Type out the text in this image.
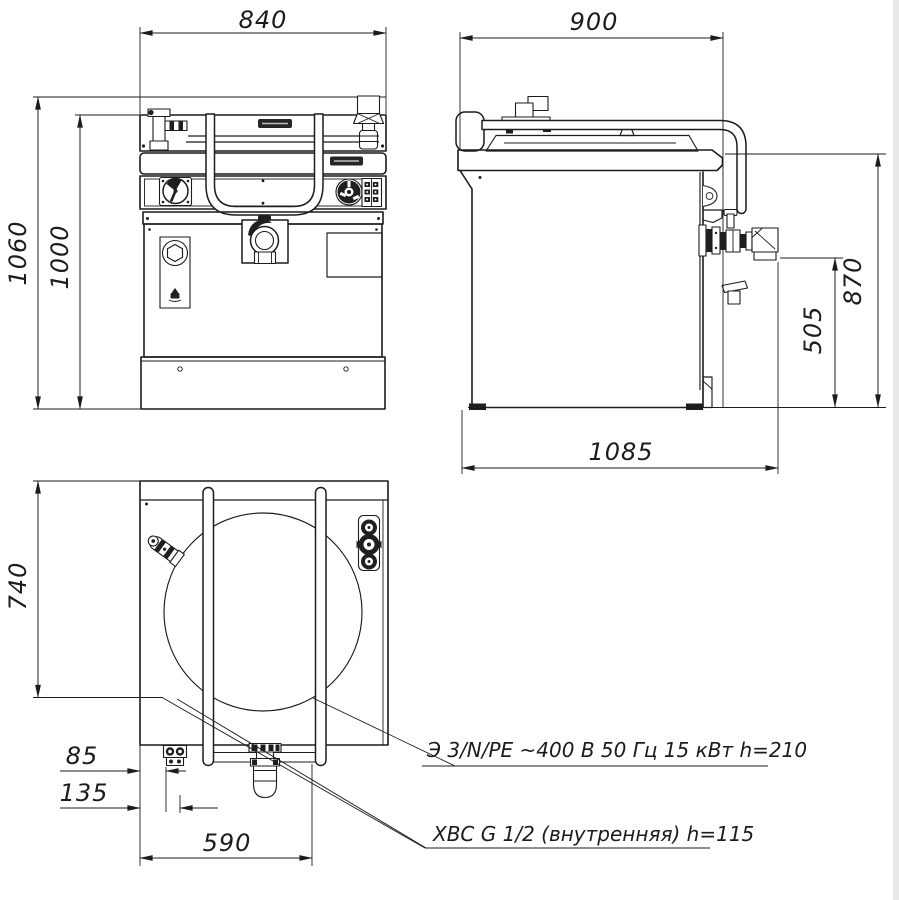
840
1060 1000
900
870
505
1085
740
85
135
590
Э 3/N/PE ~400 В 50 Гц 15 кВт h=210
ХВС G 1/2 (внутренняя) h=115
